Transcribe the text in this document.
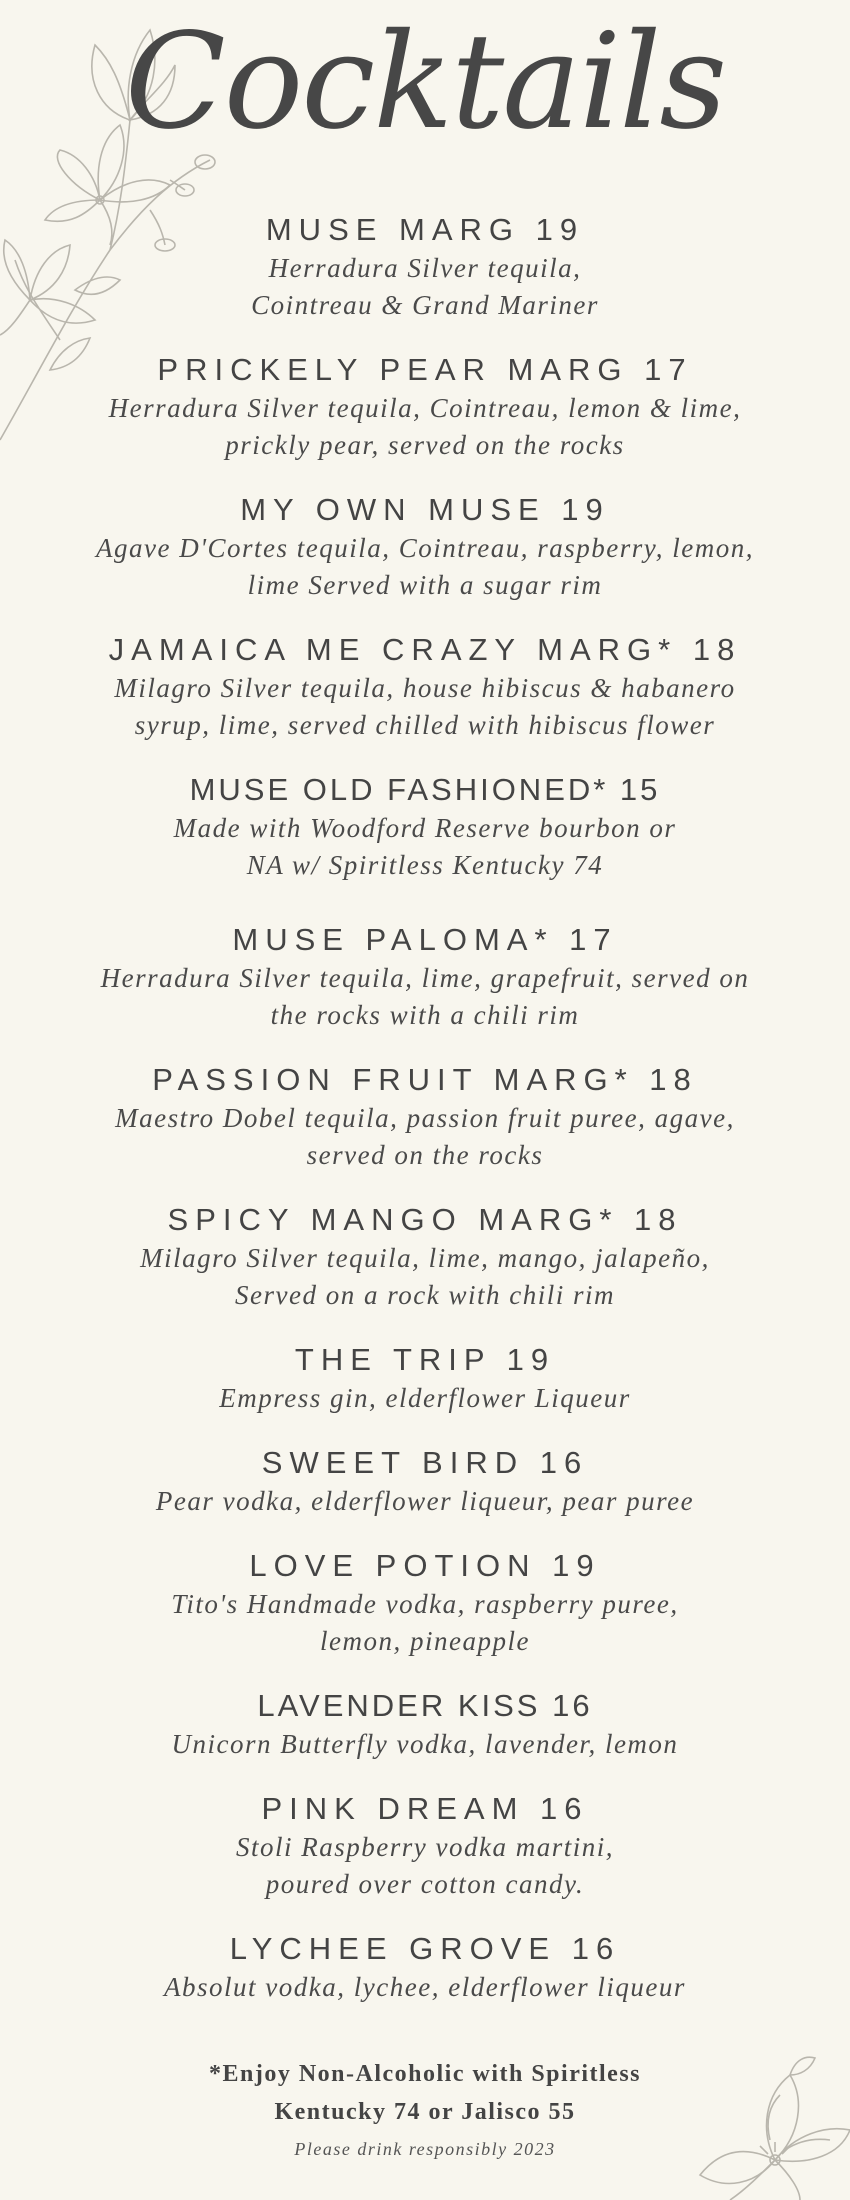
Cocktails
MUSE MARG 19
Herradura Silver tequila,
Cointreau & Grand Mariner
PRICKELY PEAR MARG 17
Herradura Silver tequila, Cointreau, lemon & lime,
prickly pear, served on the rocks
MY OWN MUSE 19
Agave D'Cortes tequila, Cointreau, raspberry, lemon,
lime Served with a sugar rim
JAMAICA ME CRAZY MARG* 18
Milagro Silver tequila, house hibiscus & habanero
syrup, lime, served chilled with hibiscus flower
MUSE OLD FASHIONED* 15
Made with Woodford Reserve bourbon or
NA w/ Spiritless Kentucky 74
MUSE PALOMA* 17
Herradura Silver tequila, lime, grapefruit, served on
the rocks with a chili rim
PASSION FRUIT MARG* 18
Maestro Dobel tequila, passion fruit puree, agave,
served on the rocks
SPICY MANGO MARG* 18
Milagro Silver tequila, lime, mango, jalapeño,
Served on a rock with chili rim
THE TRIP 19
Empress gin, elderflower Liqueur
SWEET BIRD 16
Pear vodka, elderflower liqueur, pear puree
LOVE POTION 19
Tito's Handmade vodka, raspberry puree,
lemon, pineapple
LAVENDER KISS 16
Unicorn Butterfly vodka, lavender, lemon
PINK DREAM 16
Stoli Raspberry vodka martini,
poured over cotton candy.
LYCHEE GROVE 16
Absolut vodka, lychee, elderflower liqueur
*Enjoy Non-Alcoholic with Spiritless
Kentucky 74 or Jalisco 55
Please drink responsibly 2023
